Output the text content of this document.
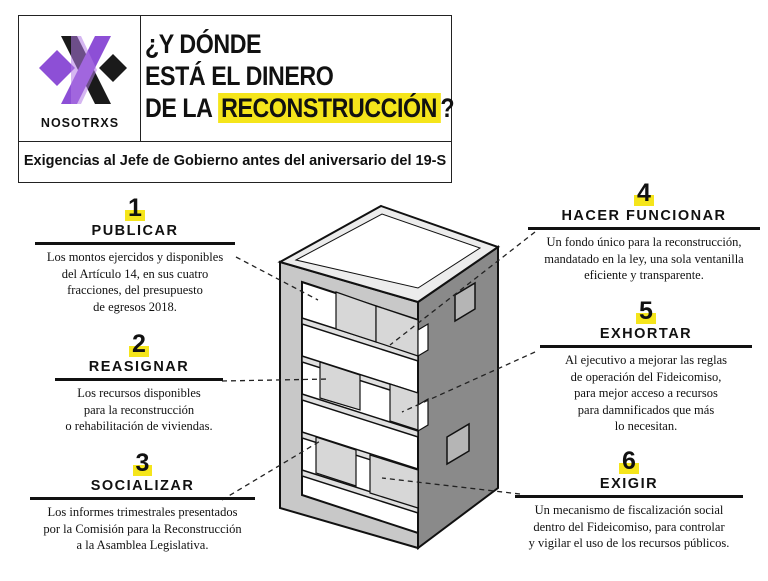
NOSOTRXS
¿Y DÓNDE
ESTÁ EL DINERO
DE LA RECONSTRUCCIÓN ?
Exigencias al Jefe de Gobierno antes del aniversario del 19-S
1
PUBLICAR
Los montos ejercidos y disponibles
del Artículo 14, en sus cuatro
fracciones, del presupuesto
de egresos 2018.
2
REASIGNAR
Los recursos disponibles
para la reconstrucción
o rehabilitación de viviendas.
3
SOCIALIZAR
Los informes trimestrales presentados
por la Comisión para la Reconstrucción
a la Asamblea Legislativa.
4
HACER FUNCIONAR
Un fondo único para la reconstrucción,
mandatado en la ley, una sola ventanilla
eficiente y transparente.
5
EXHORTAR
Al ejecutivo a mejorar las reglas
de operación del Fideicomiso,
para mejor acceso a recursos
para damnificados que más
lo necesitan.
6
EXIGIR
Un mecanismo de fiscalización social
dentro del Fideicomiso, para controlar
y vigilar el uso de los recursos públicos.
